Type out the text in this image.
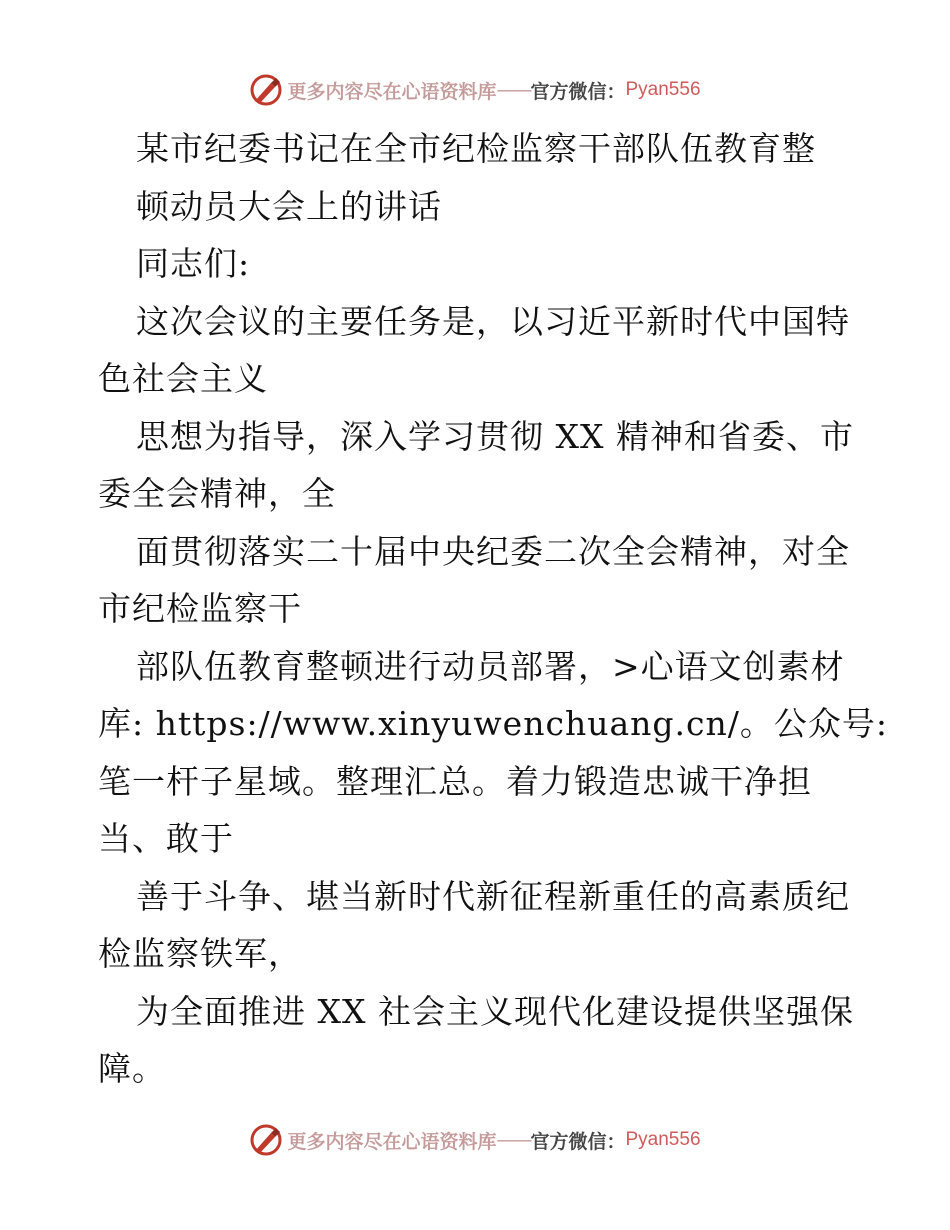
更多内容尽在心语资料库 —— 官方微信： Pyan556
某市纪委书记在全市纪检监察干部队伍教育整
顿动员大会上的讲话
同志们:
这次会议的主要任务是，以习近平新时代中国特
色社会主义
思想为指导，深入学习贯彻 XX 精神和省委、市
委全会精神，全
面贯彻落实二十届中央纪委二次全会精神，对全
市纪检监察干
部队伍教育整顿进行动员部署，>心语文创素材
库: https://www.xinyuwenchuang.cn/。公众号:
笔一杆子星域。整理汇总。着力锻造忠诚干净担
当、敢于
善于斗争、堪当新时代新征程新重任的高素质纪
检监察铁军，
为全面推进 XX 社会主义现代化建设提供坚强保
障。
更多内容尽在心语资料库 —— 官方微信： Pyan556
